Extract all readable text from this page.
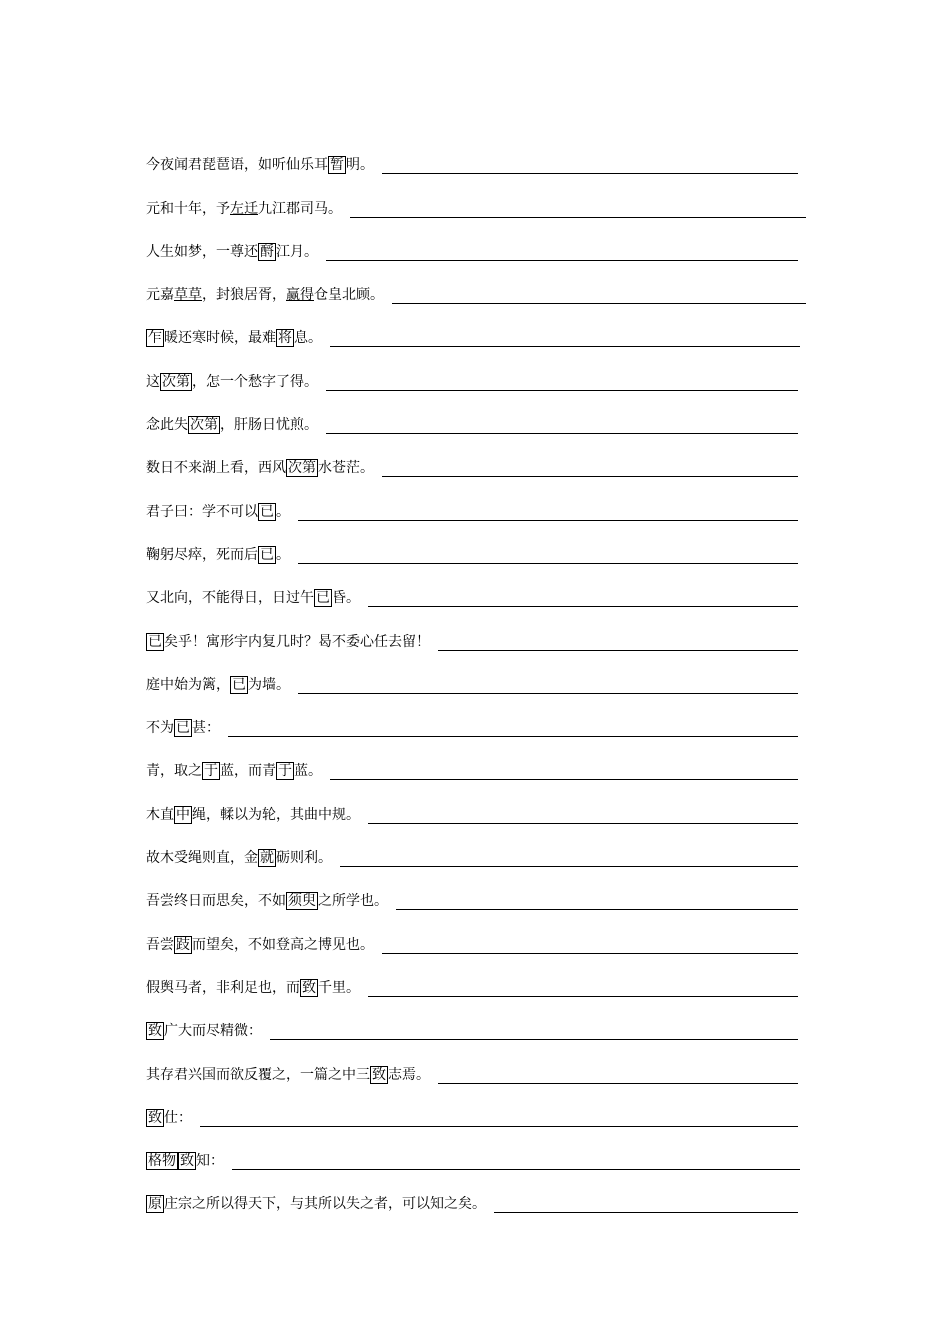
今夜闻君琵琶语，如听仙乐耳 暂 明。
元和十年，予左迁九江郡司马。
人生如梦，一尊还 酹 江月。
元嘉草草，封狼居胥，赢得仓皇北顾。
乍 暖还寒时候，最难 将 息。
这 次第 ，怎一个愁字了得。
念此失 次第 ，肝肠日忧煎。
数日不来湖上看，西风 次第 水苍茫。
君子曰：学不可以 已 。
鞠躬尽瘁，死而后 已 。
又北向，不能得日，日过午 已 昏。
已 矣乎！寓形宇内复几时？曷不委心任去留！
庭中始为篱， 已 为墙。
不为 已 甚：
青，取之 于 蓝，而青 于 蓝。
木直 中 绳，輮以为轮，其曲中规。
故木受绳则直，金 就 砺则利。
吾尝终日而思矣，不如 须臾 之所学也。
吾尝 跂 而望矣，不如登高之博见也。
假舆马者，非利足也，而 致 千里。
致 广大而尽精微：
其存君兴国而欲反覆之，一篇之中三 致 志焉。
致 仕：
格物 致 知：
原 庄宗之所以得天下，与其所以失之者，可以知之矣。
